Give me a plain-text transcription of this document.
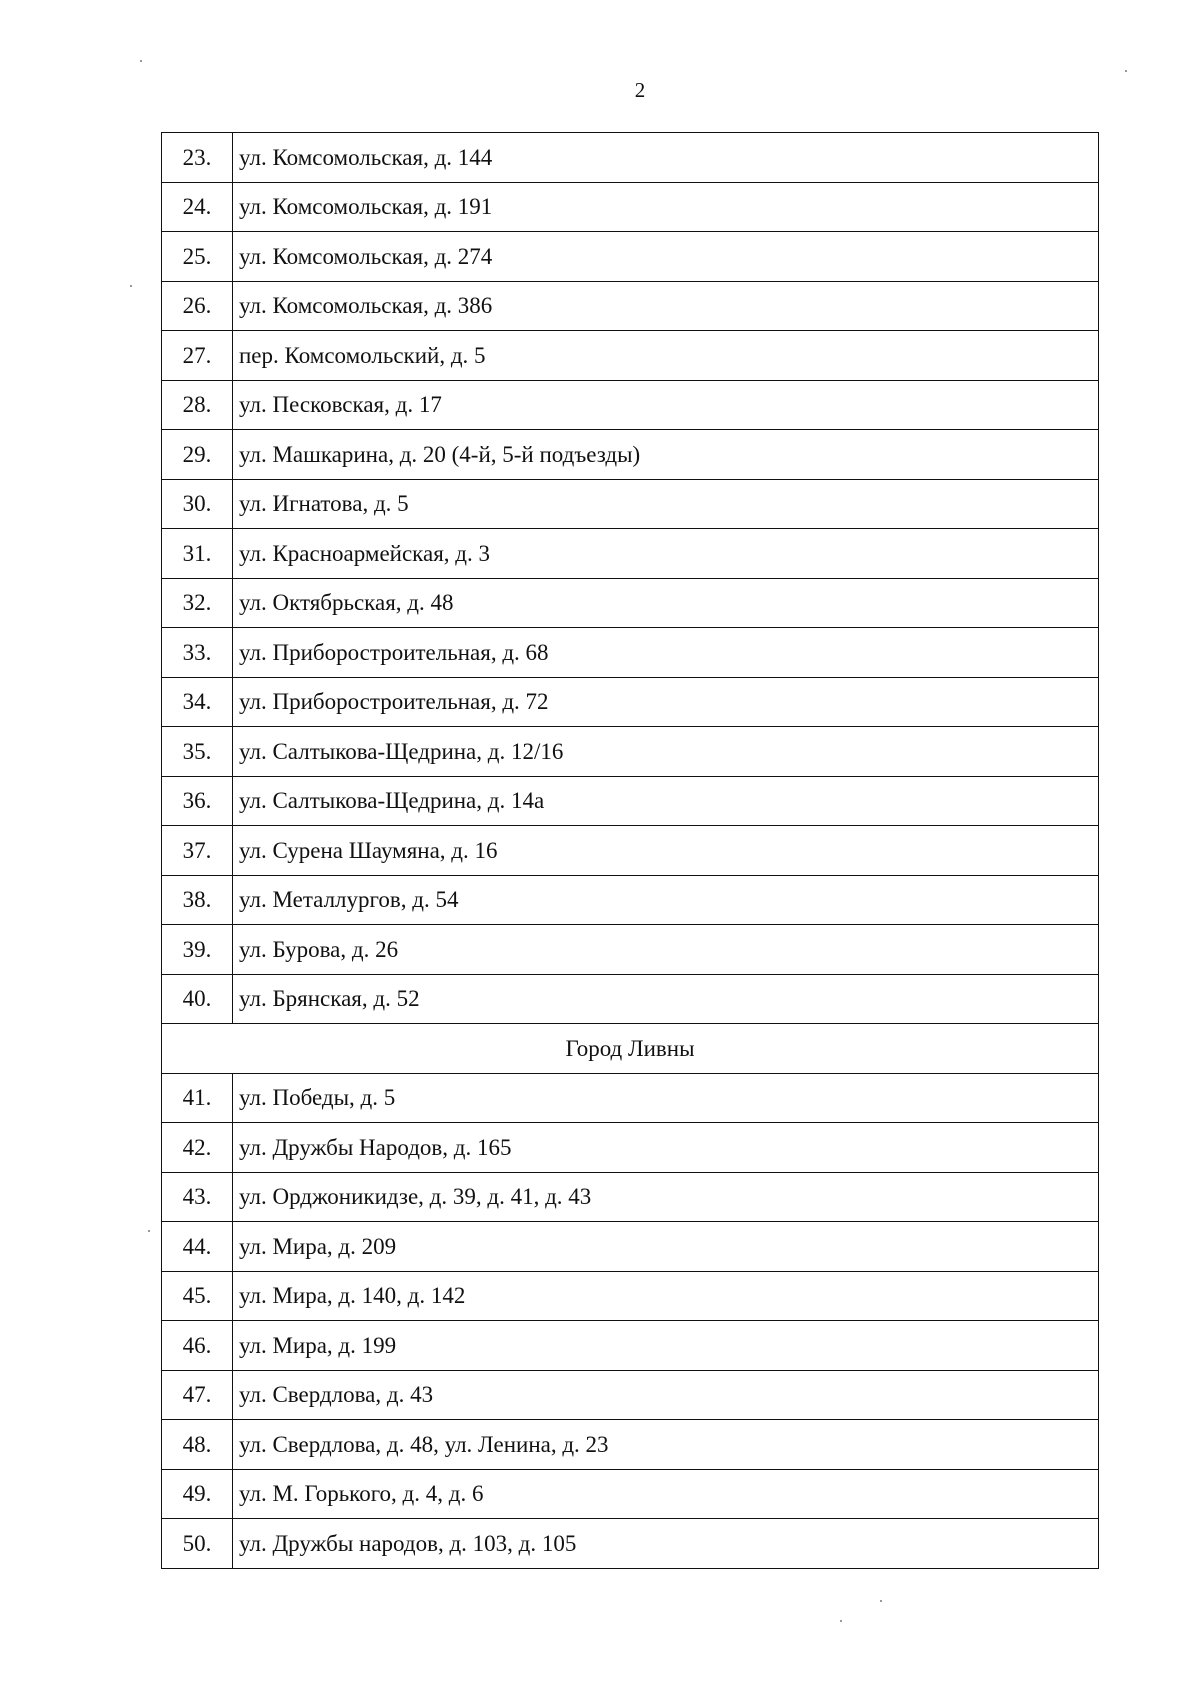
2
23.	ул. Комсомольская, д. 144
24.	ул. Комсомольская, д. 191
25.	ул. Комсомольская, д. 274
26.	ул. Комсомольская, д. 386
27.	пер. Комсомольский, д. 5
28.	ул. Песковская, д. 17
29.	ул. Машкарина, д. 20 (4-й, 5-й подъезды)
30.	ул. Игнатова, д. 5
31.	ул. Красноармейская, д. 3
32.	ул. Октябрьская, д. 48
33.	ул. Приборостроительная, д. 68
34.	ул. Приборостроительная, д. 72
35.	ул. Салтыкова-Щедрина, д. 12/16
36.	ул. Салтыкова-Щедрина, д. 14а
37.	ул. Сурена Шаумяна, д. 16
38.	ул. Металлургов, д. 54
39.	ул. Бурова, д. 26
40.	ул. Брянская, д. 52
Город Ливны	
41.	ул. Победы, д. 5
42.	ул. Дружбы Народов, д. 165
43.	ул. Орджоникидзе, д. 39, д. 41, д. 43
44.	ул. Мира, д. 209
45.	ул. Мира, д. 140, д. 142
46.	ул. Мира, д. 199
47.	ул. Свердлова, д. 43
48.	ул. Свердлова, д. 48, ул. Ленина, д. 23
49.	ул. М. Горького, д. 4, д. 6
50.	ул. Дружбы народов, д. 103, д. 105
